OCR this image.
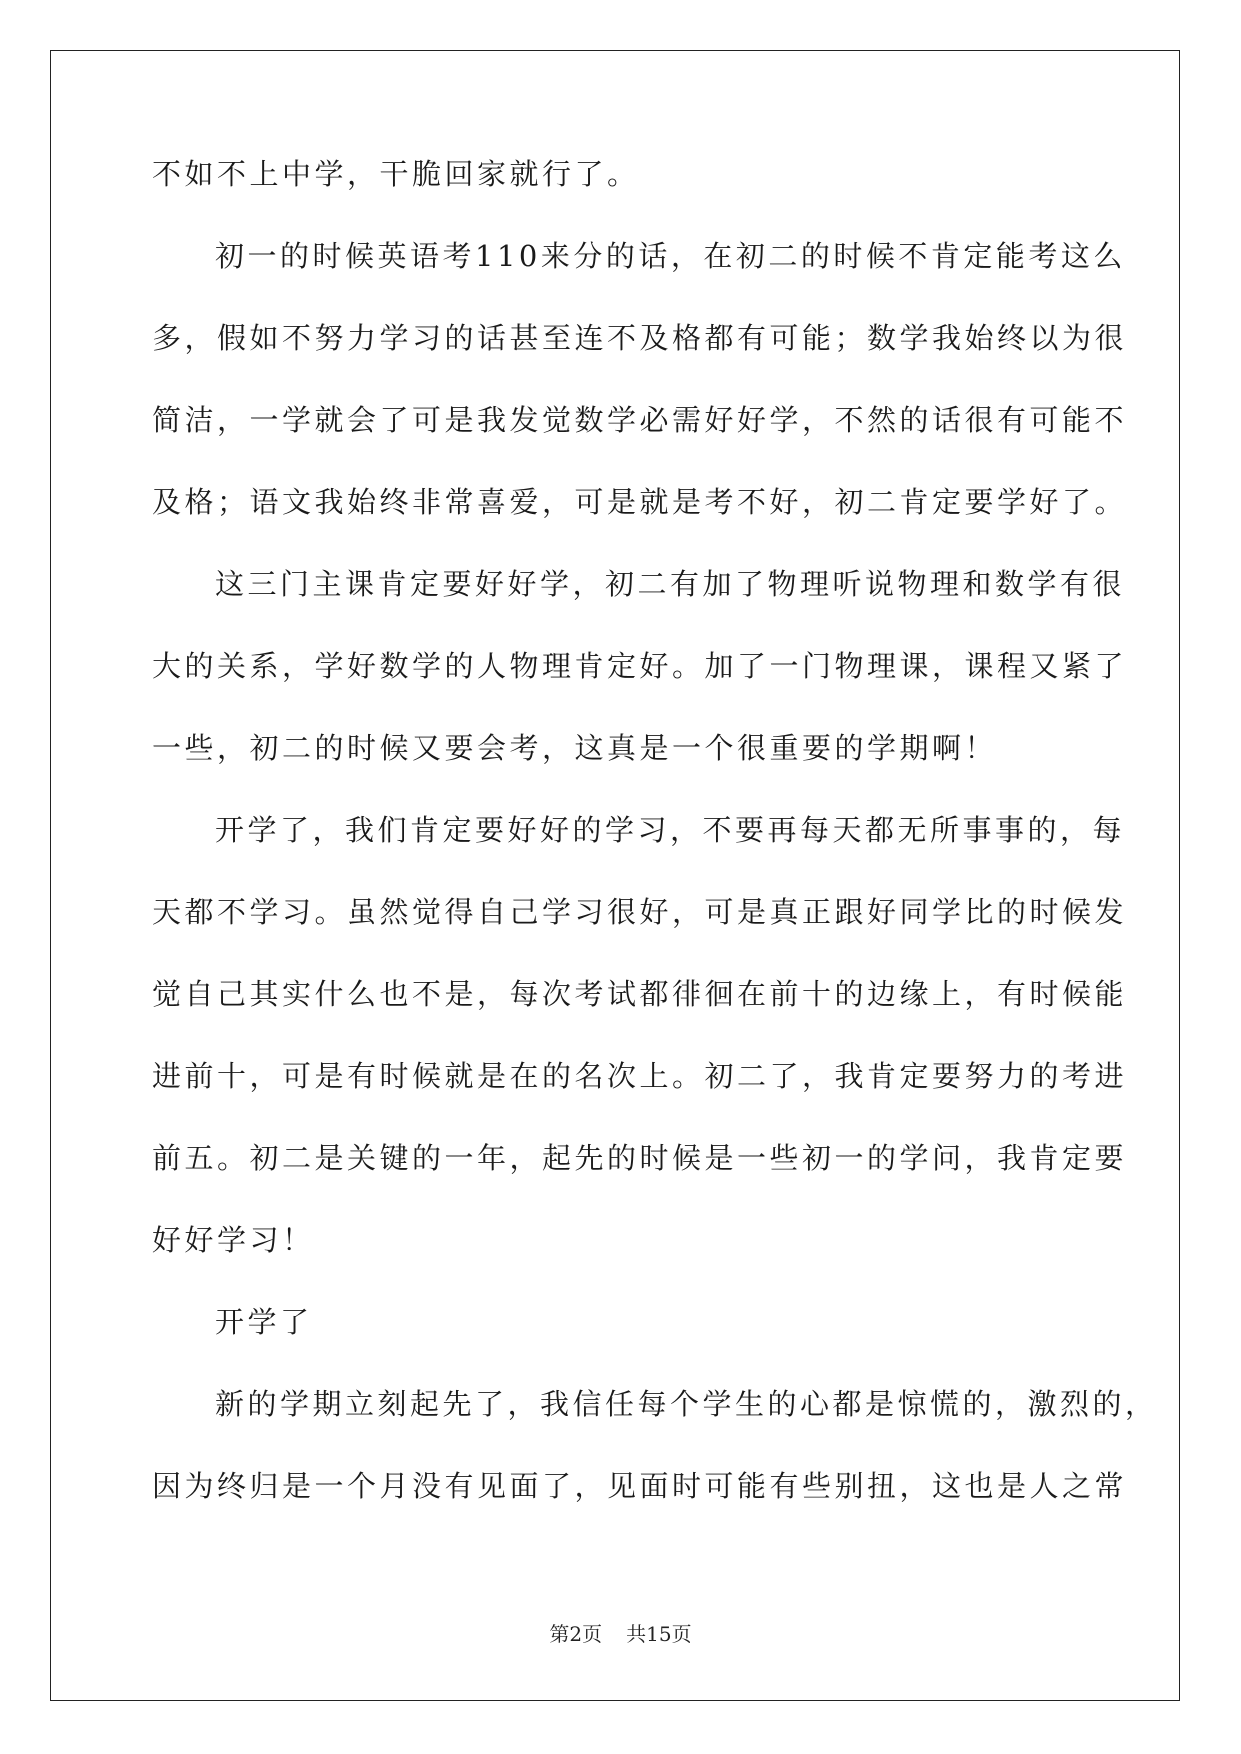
不如不上中学，干脆回家就行了。
初一的时候英语考110来分的话，在初二的时候不肯定能考这么
多，假如不努力学习的话甚至连不及格都有可能；数学我始终以为很
简洁，一学就会了可是我发觉数学必需好好学，不然的话很有可能不
及格；语文我始终非常喜爱，可是就是考不好，初二肯定要学好了。
这三门主课肯定要好好学，初二有加了物理听说物理和数学有很
大的关系，学好数学的人物理肯定好。加了一门物理课，课程又紧了
一些，初二的时候又要会考，这真是一个很重要的学期啊！
开学了，我们肯定要好好的学习，不要再每天都无所事事的，每
天都不学习。虽然觉得自己学习很好，可是真正跟好同学比的时候发
觉自己其实什么也不是，每次考试都徘徊在前十的边缘上，有时候能
进前十，可是有时候就是在的名次上。初二了，我肯定要努力的考进
前五。初二是关键的一年，起先的时候是一些初一的学问，我肯定要
好好学习！
开学了
新的学期立刻起先了，我信任每个学生的心都是惊慌的，激烈的，
因为终归是一个月没有见面了，见面时可能有些别扭，这也是人之常
第2页 共15页
